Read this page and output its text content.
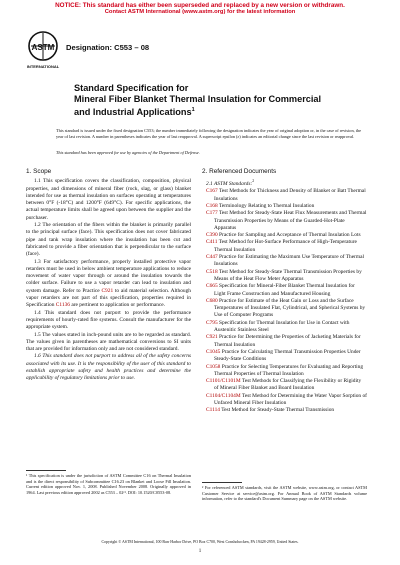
NOTICE: This standard has either been superseded and replaced by a new version or withdrawn.
Contact ASTM International (www.astm.org) for the latest information
ASTM
INTERNATIONAL
Designation: C553 – 08
Standard Specification for
Mineral Fiber Blanket Thermal Insulation for Commercial
and Industrial Applications$^1$
This standard is issued under the fixed designation C553; the number immediately following the designation indicates the year of original adoption or, in the case of revision, the year of last revision. A number in parentheses indicates the year of last reapproval. A superscript epsilon (ε) indicates an editorial change since the last revision or reapproval.
This standard has been approved for use by agencies of the Department of Defense.
1. Scope

1.1 This specification covers the classification, composition, physical properties, and dimensions of mineral fiber (rock, slag, or glass) blanket intended for use as thermal insulation on surfaces operating at temperatures between 0°F (-18°C) and 1200°F (649°C). For specific applications, the actual temperature limits shall be agreed upon between the supplier and the purchaser.

1.2 The orientation of the fibers within the blanket is primarily parallel to the principal surface (face). This specification does not cover fabricated pipe and tank wrap insulation where the insulation has been cut and fabricated to provide a fiber orientation that is perpendicular to the surface (face).

1.3 For satisfactory performance, properly installed protective vapor retarders must be used in below ambient temperature applications to reduce movement of water vapor through or around the insulation towards the colder surface. Failure to use a vapor retarder can lead to insulation and system damage. Refer to Practice C921 to aid material selection. Although vapor retarders are not part of this specification, properties required in Specification C1136 are pertinent to application or performance.

1.4 This standard does not purport to provide the performance requirements of hourly-rated fire systems. Consult the manufacturer for the appropriate system.

1.5 The values stated in inch-pound units are to be regarded as standard. The values given in parentheses are mathematical conversions to SI units that are provided for information only and are not considered standard.

1.6 This standard does not purport to address all of the safety concerns associated with its use. It is the responsibility of the user of this standard to establish appropriate safety and health practices and determine the applicability of regulatory limitations prior to use.

2. Referenced Documents
2.1 ASTM Standards:$^2$
C167 Test Methods for Thickness and Density of Blanket or Batt Thermal Insulations
C168 Terminology Relating to Thermal Insulation
C177 Test Method for Steady-State Heat Flux Measurements and Thermal Transmission Properties by Means of the Guarded-Hot-Plate Apparatus
C390 Practice for Sampling and Acceptance of Thermal Insulation Lots
C411 Test Method for Hot-Surface Performance of High-Temperature Thermal Insulation
C447 Practice for Estimating the Maximum Use Temperature of Thermal Insulations
C518 Test Method for Steady-State Thermal Transmission Properties by Means of the Heat Flow Meter Apparatus
C665 Specification for Mineral-Fiber Blanket Thermal Insulation for Light Frame Construction and Manufactured Housing
C680 Practice for Estimate of the Heat Gain or Loss and the Surface Temperatures of Insulated Flat, Cylindrical, and Spherical Systems by Use of Computer Programs
C795 Specification for Thermal Insulation for Use in Contact with Austenitic Stainless Steel
C921 Practice for Determining the Properties of Jacketing Materials for Thermal Insulation
C1045 Practice for Calculating Thermal Transmission Properties Under Steady-State Conditions
C1058 Practice for Selecting Temperatures for Evaluating and Reporting Thermal Properties of Thermal Insulation
C1101/C1101M Test Methods for Classifying the Flexibility or Rigidity of Mineral Fiber Blanket and Board Insulation
C1104/C1104M Test Method for Determining the Water Vapor Sorption of Unfaced Mineral Fiber Insulation
C1114 Test Method for Steady-State Thermal Transmission
¹ This specification is under the jurisdiction of ASTM Committee C16 on Thermal Insulation and is the direct responsibility of Subcommittee C16.23 on Blanket and Loose Fill Insulation. Current edition approved Nov. 1, 2008. Published November 2008. Originally approved in 1964. Last previous edition approved 2002 as C553 – 02ᵉ¹. DOI: 10.1520/C0553-08.
² For referenced ASTM standards, visit the ASTM website, www.astm.org, or contact ASTM Customer Service at service@astm.org. For Annual Book of ASTM Standards volume information, refer to the standard's Document Summary page on the ASTM website.
Copyright © ASTM International, 100 Barr Harbor Drive, PO Box C700, West Conshohocken, PA 19428-2959, United States.
1
